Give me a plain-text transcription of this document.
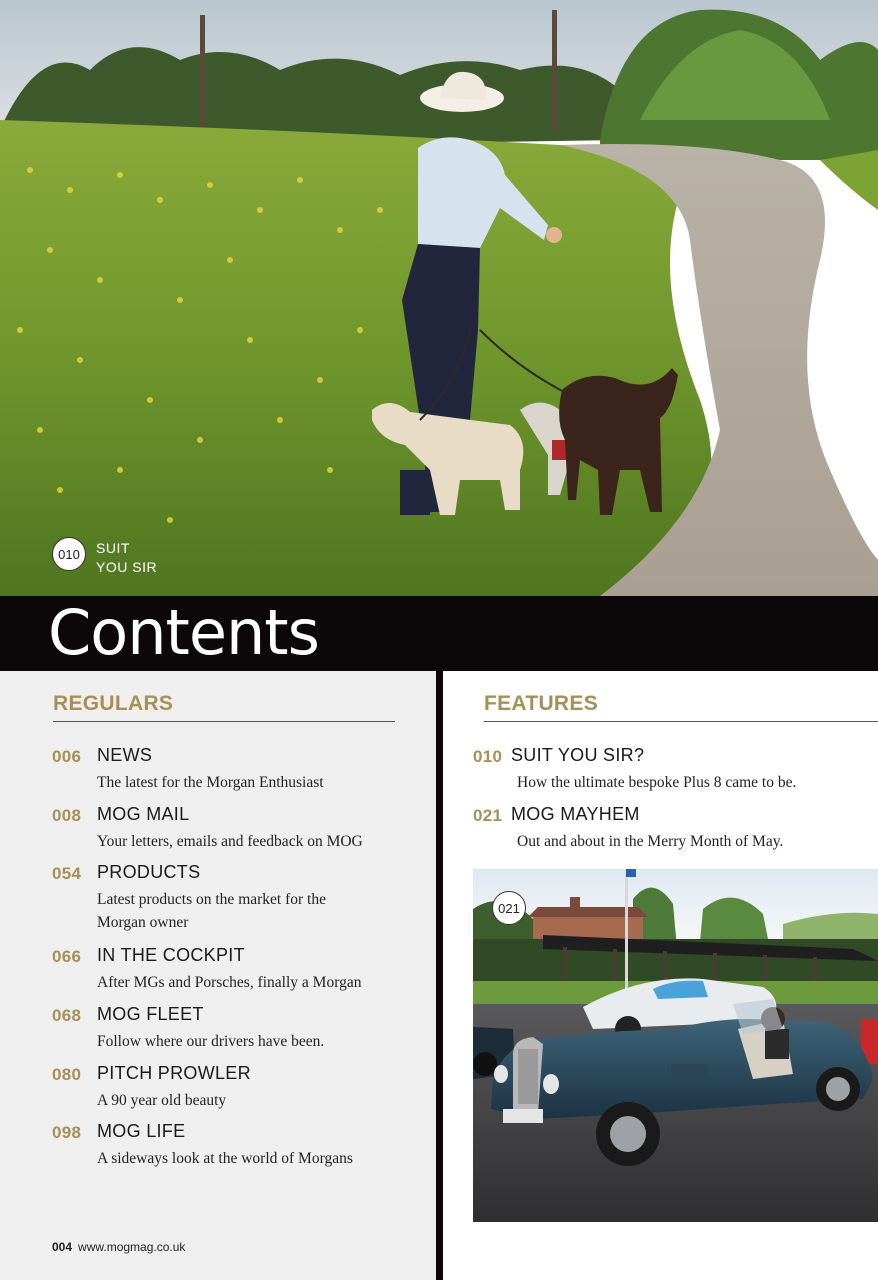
010	SUIT
YOU SIR
Contents
REGULARS
006 NEWS
The latest for the Morgan Enthusiast
008 MOG MAIL
Your letters, emails and feedback on MOG
054 PRODUCTS
Latest products on the market for the
Morgan owner
066 IN THE COCKPIT
After MGs and Porsches, finally a Morgan
068 MOG FLEET
Follow where our drivers have been.
080 PITCH PROWLER
A 90 year old beauty
098 MOG LIFE
A sideways look at the world of Morgans
004 www.mogmag.co.uk
FEATURES
010 SUIT YOU SIR?
How the ultimate bespoke Plus 8 came to be.
021 MOG MAYHEM
Out and about in the Merry Month of May.
021
